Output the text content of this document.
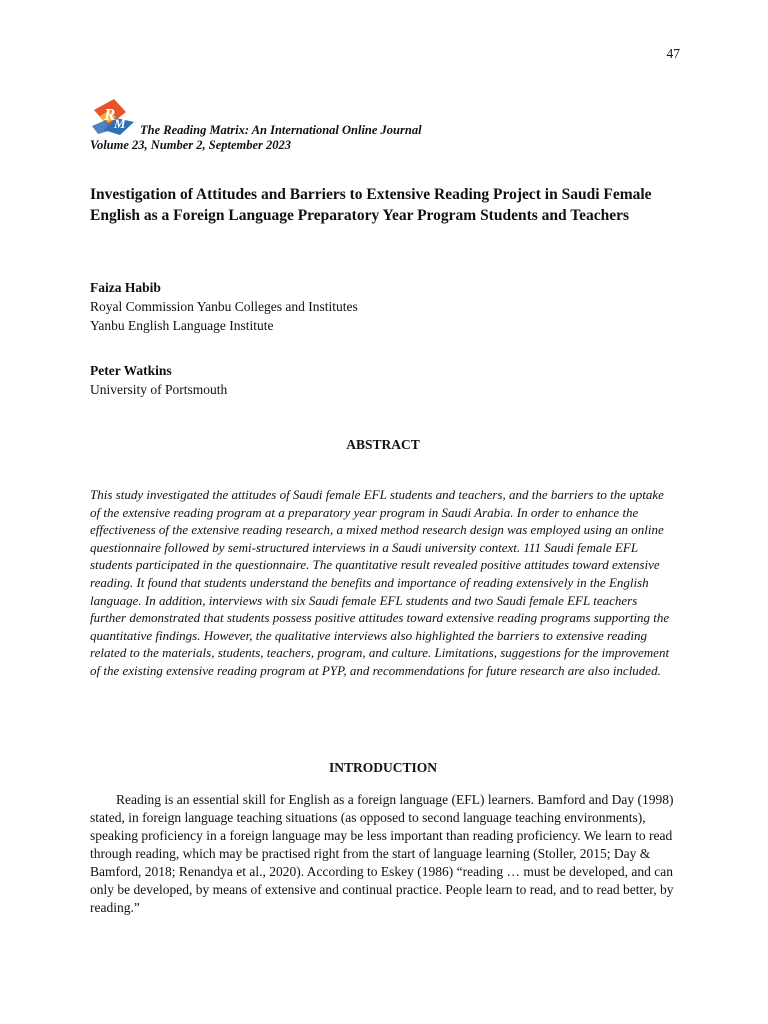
47
R
M The Reading Matrix: An International Online Journal
Volume 23, Number 2, September 2023
Investigation of Attitudes and Barriers to Extensive Reading Project in Saudi Female English as a Foreign Language Preparatory Year Program Students and Teachers
Faiza Habib
Royal Commission Yanbu Colleges and Institutes
Yanbu English Language Institute
Peter Watkins
University of Portsmouth
ABSTRACT

This study investigated the attitudes of Saudi female EFL students and teachers, and the barriers to the uptake of the extensive reading program at a preparatory year program in Saudi Arabia. In order to enhance the effectiveness of the extensive reading research, a mixed method research design was employed using an online questionnaire followed by semi-structured interviews in a Saudi university context. 111 Saudi female EFL students participated in the questionnaire. The quantitative result revealed positive attitudes toward extensive reading. It found that students understand the benefits and importance of reading extensively in the English language. In addition, interviews with six Saudi female EFL students and two Saudi female EFL teachers further demonstrated that students possess positive attitudes toward extensive reading programs supporting the quantitative findings. However, the qualitative interviews also highlighted the barriers to extensive reading related to the materials, students, teachers, program, and culture. Limitations, suggestions for the improvement of the existing extensive reading program at PYP, and recommendations for future research are also included.

INTRODUCTION

Reading is an essential skill for English as a foreign language (EFL) learners. Bamford and Day (1998) stated, in foreign language teaching situations (as opposed to second language teaching environments), speaking proficiency in a foreign language may be less important than reading proficiency. We learn to read through reading, which may be practised right from the start of language learning (Stoller, 2015; Day & Bamford, 2018; Renandya et al., 2020). According to Eskey (1986) “reading … must be developed, and can only be developed, by means of extensive and continual practice. People learn to read, and to read better, by reading.”
